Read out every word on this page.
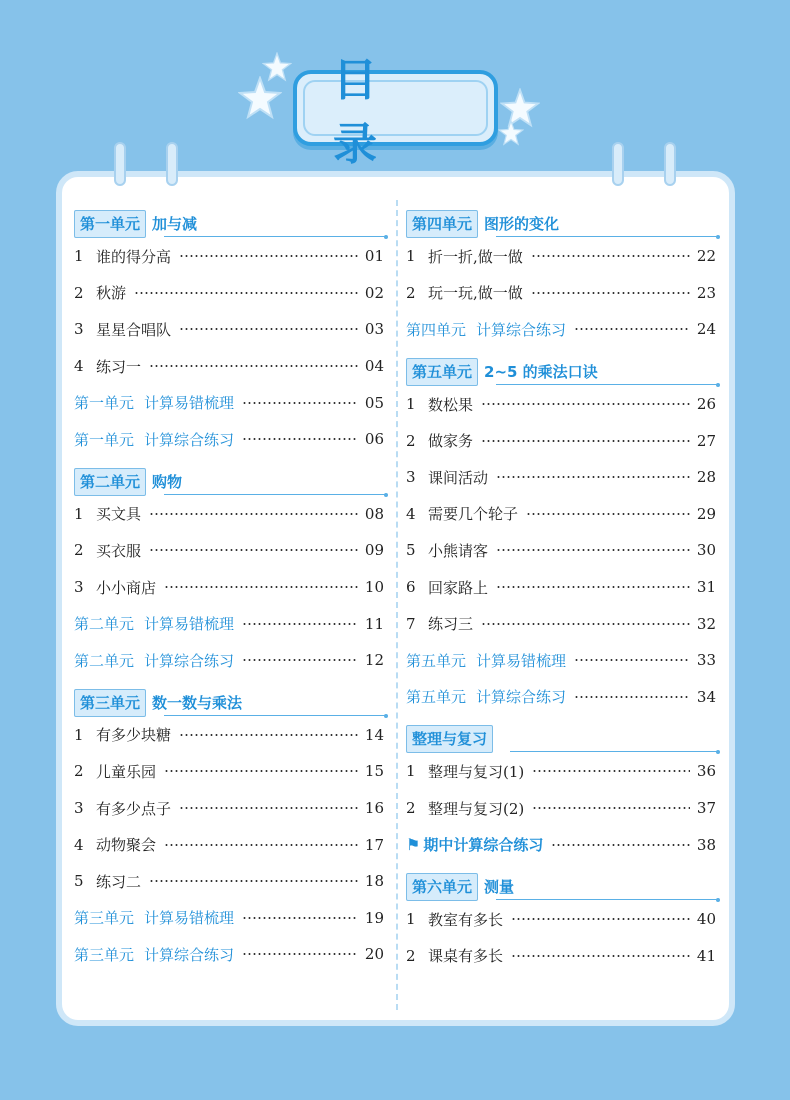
目 录
第一单元 加与减
1 谁的得分高	01
2 秋游	02
3 星星合唱队	03
4 练习一	04
第一单元 计算易错梳理	05
第一单元 计算综合练习	06
第二单元 购物
1 买文具	08
2 买衣服	09
3 小小商店	10
第二单元 计算易错梳理	11
第二单元 计算综合练习	12
第三单元 数一数与乘法
1 有多少块糖	14
2 儿童乐园	15
3 有多少点子	16
4 动物聚会	17
5 练习二	18
第三单元 计算易错梳理	19
第三单元 计算综合练习	20
第四单元 图形的变化
1 折一折,做一做	22
2 玩一玩,做一做	23
第四单元 计算综合练习	24
第五单元 2~5 的乘法口诀
1 数松果	26
2 做家务	27
3 课间活动	28
4 需要几个轮子	29
5 小熊请客	30
6 回家路上	31
7 练习三	32
第五单元 计算易错梳理	33
第五单元 计算综合练习	34
整理与复习
1 整理与复习(1)	36
2 整理与复习(2)	37
⚑ 期中计算综合练习	38
第六单元 测量
1 教室有多长	40
2 课桌有多长	41
